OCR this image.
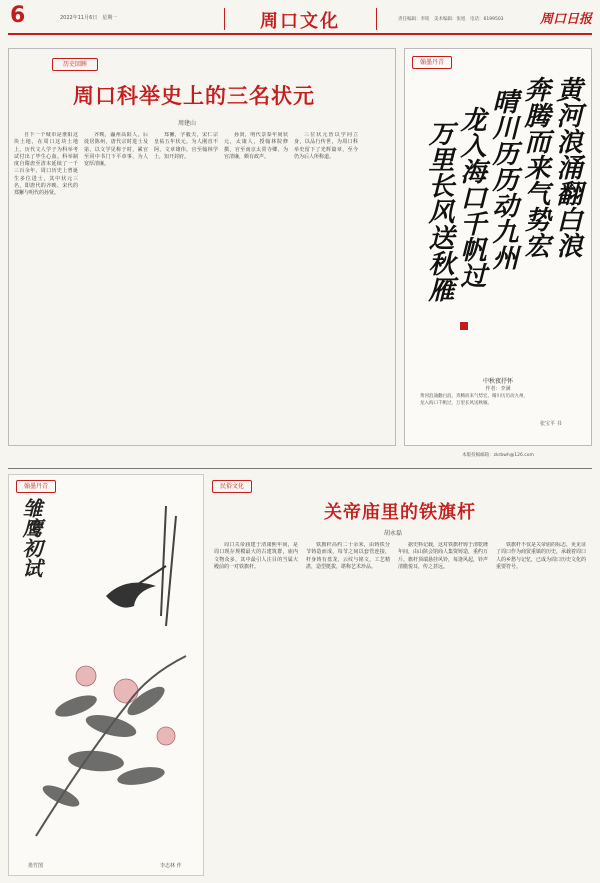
6	2022年11月6日　星期一	周口文化	责任编辑：李铭　美术编辑：张旭　电话：6199503	周口日报
历史回眸
周口科举史上的三名状元
周建山

自下一个城市是淮阳这块土地，在周口这块土地上，历代文人学子为科举考试付出了毕生心血。科举制度自隋唐至清末延续了一千三百余年，周口历史上曾诞生多位进士，其中状元三名，即唐代的齐映、宋代的郑獬与明代的孙贤。

齐映，瀛州高阳人，后徙居陈州，唐代宗时进士及第，以文学见称于时，累官至同中书门下平章事，为人宽厚清廉。

郑獬，字毅夫，宋仁宗皇祐五年状元，为人刚直不阿，文章雄伟，官至翰林学士，知开封府。

孙贤，明代景泰年间状元，太康人，授翰林院修撰，官至南京太常寺卿，为官清廉，颇有政声。

三位状元皆以学问立身，以品行传世，为周口科举史留下了光辉篇章，至今仍为后人所称道。

翰墨丹青
黄河浪涌翻白浪
奔腾而来气势宏
晴川历历动九州
龙入海口千帆过
万里长风送秋雁
中秋夜抒怀
作者：李满
黄河浪涌翻白浪，奔腾而来气势宏。晴川历历动九州，龙入海口千帆过，万里长风送秋雁。
张宝平 书
本版投稿邮箱：zkrbwh@126.com
翰墨丹青
雏鹰初试
墨竹图	李志林 作
民俗文化
关帝庙里的铁旗杆
胡永磊

周口关帝庙建于清康熙年间，是周口现存规模最大的古建筑群，庙内文物众多，其中最引人注目的当属大殿前的一对铁旗杆。

铁旗杆高约二十余米，由铸铁分节铸造而成，每节之间以套管连接，杆身铸有盘龙、云纹与铭文，工艺精湛，造型挺拔，堪称艺术珍品。

据史料记载，这对铁旗杆铸于清乾隆年间，由山陕会馆商人集资铸造，重约万斤。旗杆顶端悬挂风铃，每逢风起，铃声清脆悦耳，传之甚远。

铁旗杆不仅是关帝庙的标志，更见证了周口作为商贸重镇的历史，承载着周口人的乡愁与记忆，已成为周口历史文化的重要符号。
